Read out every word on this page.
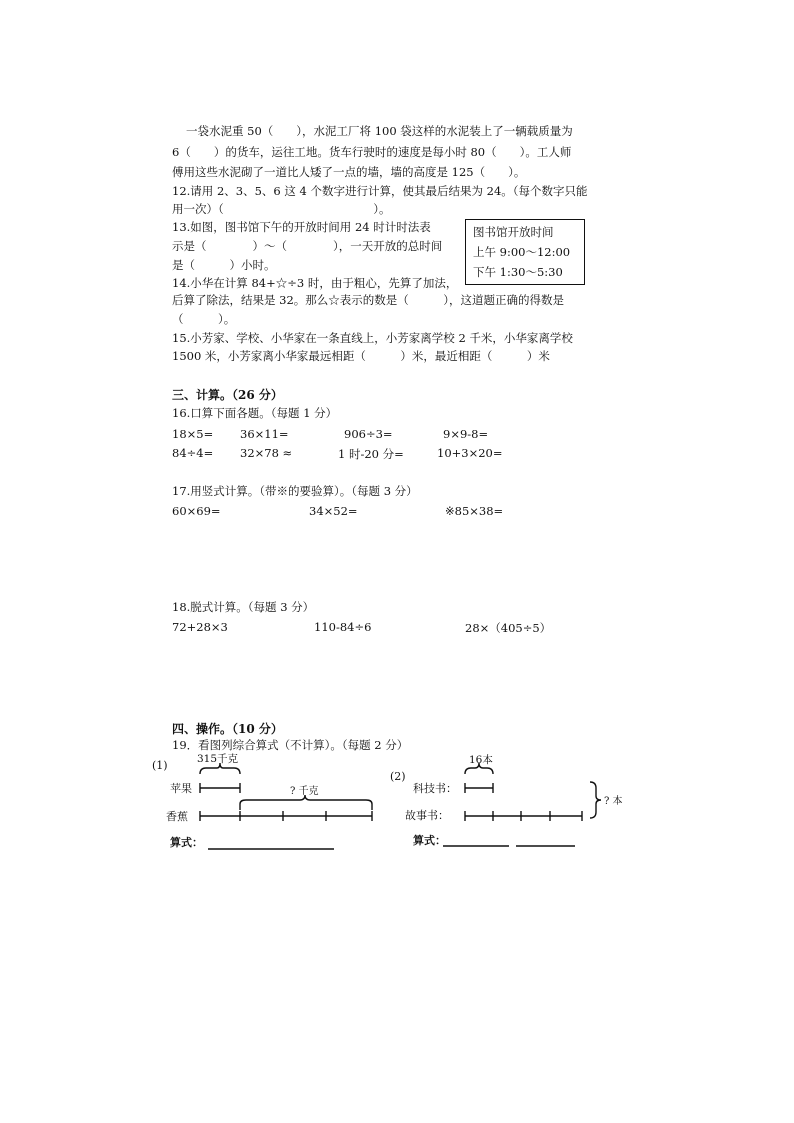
一袋水泥重 50（　　），水泥工厂将 100 袋这样的水泥装上了一辆载质量为
6（　　）的货车，运往工地。货车行驶时的速度是每小时 80（　　）。工人师
傅用这些水泥砌了一道比人矮了一点的墙，墙的高度是 125（　　）。
12.请用 2、3、5、6 这 4 个数字进行计算，使其最后结果为 24。（每个数字只能
用一次）（　　　　　　　　　　　　　）。
13.如图，图书馆下午的开放时间用 24 时计时法表
示是（　　　　）～（　　　　），一天开放的总时间
是（　　　）小时。
图书馆开放时间
上午 9:00～12:00
下午 1:30～5:30
14.小华在计算 84+☆÷3 时，由于粗心，先算了加法，
后算了除法，结果是 32。那么☆表示的数是（　　　），这道题正确的得数是
（　　　）。
15.小芳家、学校、小华家在一条直线上，小芳家离学校 2 千米，小华家离学校
1500 米，小芳家离小华家最远相距（　　　）米，最近相距（　　　）米
三、计算。（26 分）
16.口算下面各题。（每题 1 分）
18×5= 36×11=	906÷3=	9×9-8=
84÷4= 32×78 ≈	1 时-20 分=	10+3×20=
17.用竖式计算。（带※的要验算）。（每题 3 分）
60×69=	34×52=	※85×38=
18.脱式计算。（每题 3 分）
72+28×3	110-84÷6	28×（405÷5）
四、操作。（10 分）
19．看图列综合算式（不计算）。（每题 2 分）
(1)	315千克
苹果
香蕉
? 千克
算式：
(2)
16本
科技书：
故事书：
? 本
算式：
